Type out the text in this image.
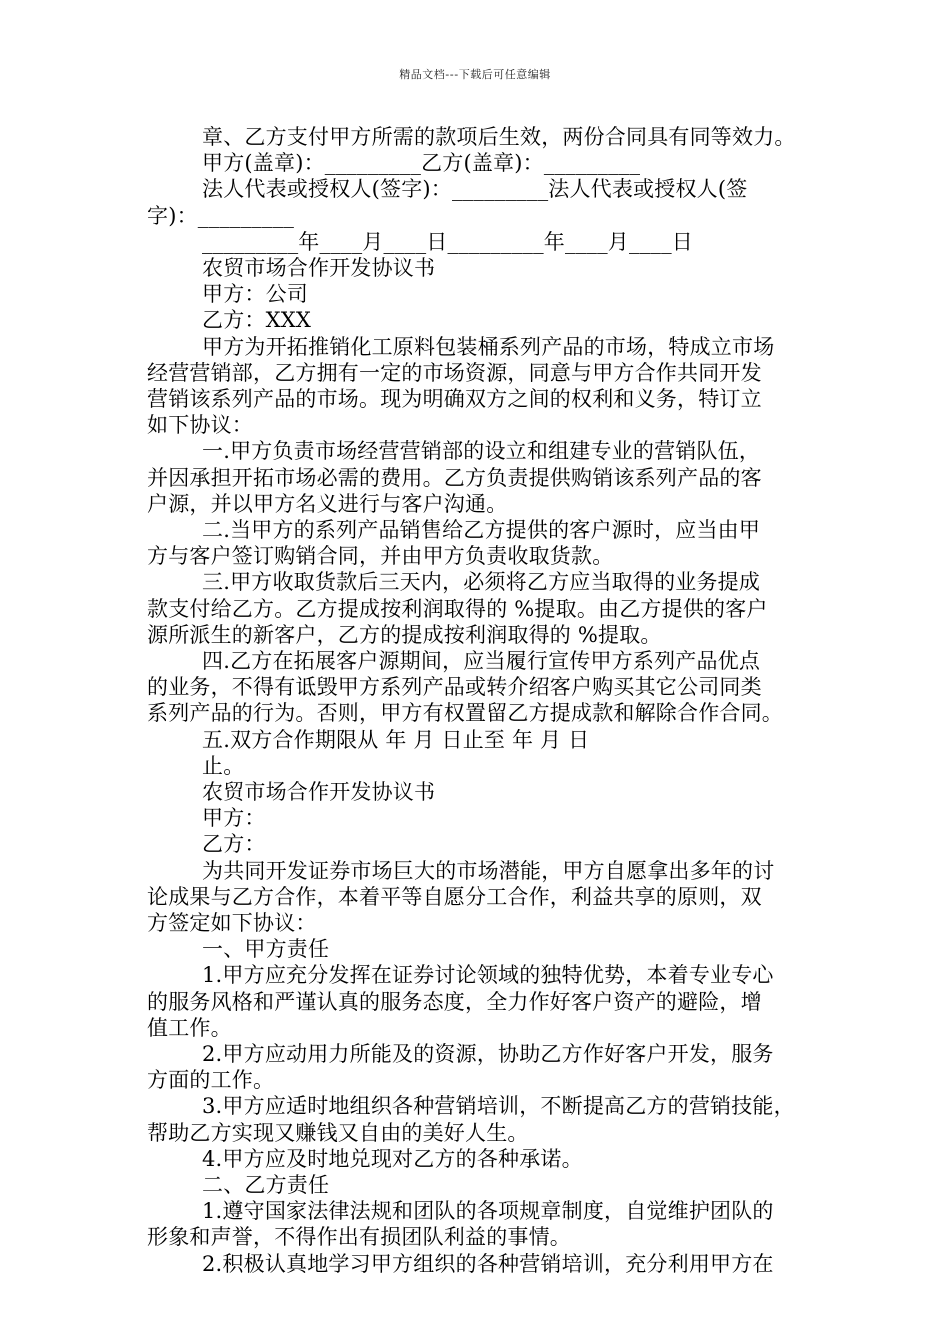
精品文档---下载后可任意编辑
章、乙方支付甲方所需的款项后生效，两份合同具有同等效力。
甲方(盖章)：_________乙方(盖章)：_________
法人代表或授权人(签字)：_________法人代表或授权人(签
字)：_________
_________年____月____日_________年____月____日
农贸市场合作开发协议书
甲方：公司
乙方：XXX
甲方为开拓推销化工原料包装桶系列产品的市场，特成立市场
经营营销部，乙方拥有一定的市场资源，同意与甲方合作共同开发
营销该系列产品的市场。现为明确双方之间的权利和义务，特订立
如下协议：
一.甲方负责市场经营营销部的设立和组建专业的营销队伍，
并因承担开拓市场必需的费用。乙方负责提供购销该系列产品的客
户源，并以甲方名义进行与客户沟通。
二.当甲方的系列产品销售给乙方提供的客户源时，应当由甲
方与客户签订购销合同，并由甲方负责收取货款。
三.甲方收取货款后三天内，必须将乙方应当取得的业务提成
款支付给乙方。乙方提成按利润取得的 %提取。由乙方提供的客户
源所派生的新客户，乙方的提成按利润取得的 %提取。
四.乙方在拓展客户源期间，应当履行宣传甲方系列产品优点
的业务，不得有诋毁甲方系列产品或转介绍客户购买其它公司同类
系列产品的行为。否则，甲方有权置留乙方提成款和解除合作合同。
五.双方合作期限从 年 月 日止至 年 月 日
止。
农贸市场合作开发协议书
甲方：
乙方：
为共同开发证券市场巨大的市场潜能，甲方自愿拿出多年的讨
论成果与乙方合作，本着平等自愿分工合作，利益共享的原则，双
方签定如下协议：
一、甲方责任
1.甲方应充分发挥在证券讨论领域的独特优势，本着专业专心
的服务风格和严谨认真的服务态度，全力作好客户资产的避险，增
值工作。
2.甲方应动用力所能及的资源，协助乙方作好客户开发，服务
方面的工作。
3.甲方应适时地组织各种营销培训，不断提高乙方的营销技能，
帮助乙方实现又赚钱又自由的美好人生。
4.甲方应及时地兑现对乙方的各种承诺。
二、乙方责任
1.遵守国家法律法规和团队的各项规章制度，自觉维护团队的
形象和声誉，不得作出有损团队利益的事情。
2.积极认真地学习甲方组织的各种营销培训，充分利用甲方在
